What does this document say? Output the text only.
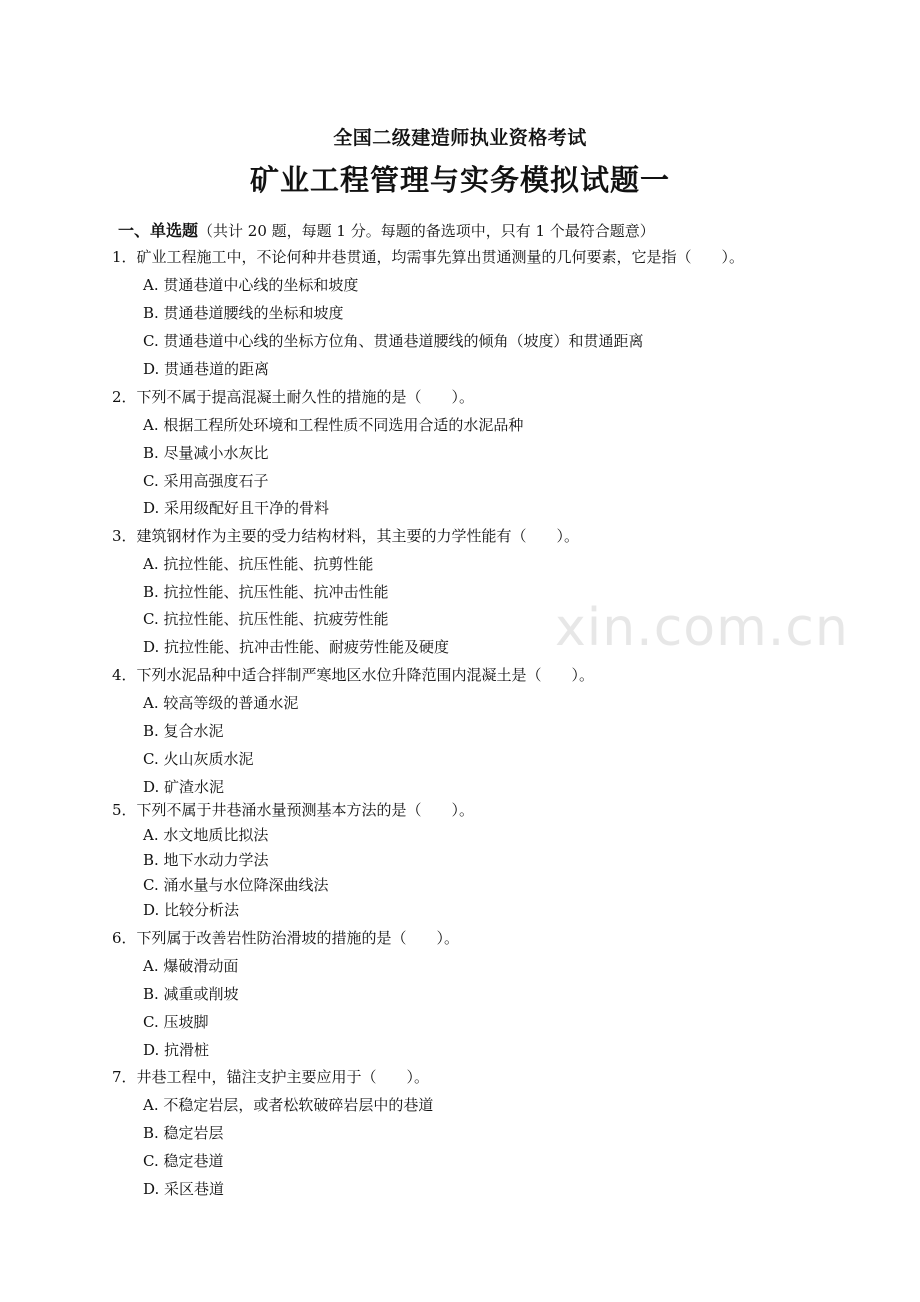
全国二级建造师执业资格考试
矿业工程管理与实务模拟试题一
一、单选题（共计 20 题，每题 1 分。每题的备选项中，只有 1 个最符合题意）
1．矿业工程施工中，不论何种井巷贯通，均需事先算出贯通测量的几何要素，它是指（　　）。
A. 贯通巷道中心线的坐标和坡度
B. 贯通巷道腰线的坐标和坡度
C. 贯通巷道中心线的坐标方位角、贯通巷道腰线的倾角（坡度）和贯通距离
D. 贯通巷道的距离
2．下列不属于提高混凝土耐久性的措施的是（　　）。
A. 根据工程所处环境和工程性质不同选用合适的水泥品种
B. 尽量减小水灰比
C. 采用高强度石子
D. 采用级配好且干净的骨料
3．建筑钢材作为主要的受力结构材料，其主要的力学性能有（　　）。
A. 抗拉性能、抗压性能、抗剪性能
B. 抗拉性能、抗压性能、抗冲击性能
C. 抗拉性能、抗压性能、抗疲劳性能
D. 抗拉性能、抗冲击性能、耐疲劳性能及硬度
4．下列水泥品种中适合拌制严寒地区水位升降范围内混凝土是（　　）。
A. 较高等级的普通水泥
B. 复合水泥
C. 火山灰质水泥
D. 矿渣水泥
5．下列不属于井巷涌水量预测基本方法的是（　　）。
A. 水文地质比拟法
B. 地下水动力学法
C. 涌水量与水位降深曲线法
D. 比较分析法
6．下列属于改善岩性防治滑坡的措施的是（　　）。
A. 爆破滑动面
B. 减重或削坡
C. 压坡脚
D. 抗滑桩
7．井巷工程中，锚注支护主要应用于（　　）。
A. 不稳定岩层，或者松软破碎岩层中的巷道
B. 稳定岩层
C. 稳定巷道
D. 采区巷道
xin.com.cn
